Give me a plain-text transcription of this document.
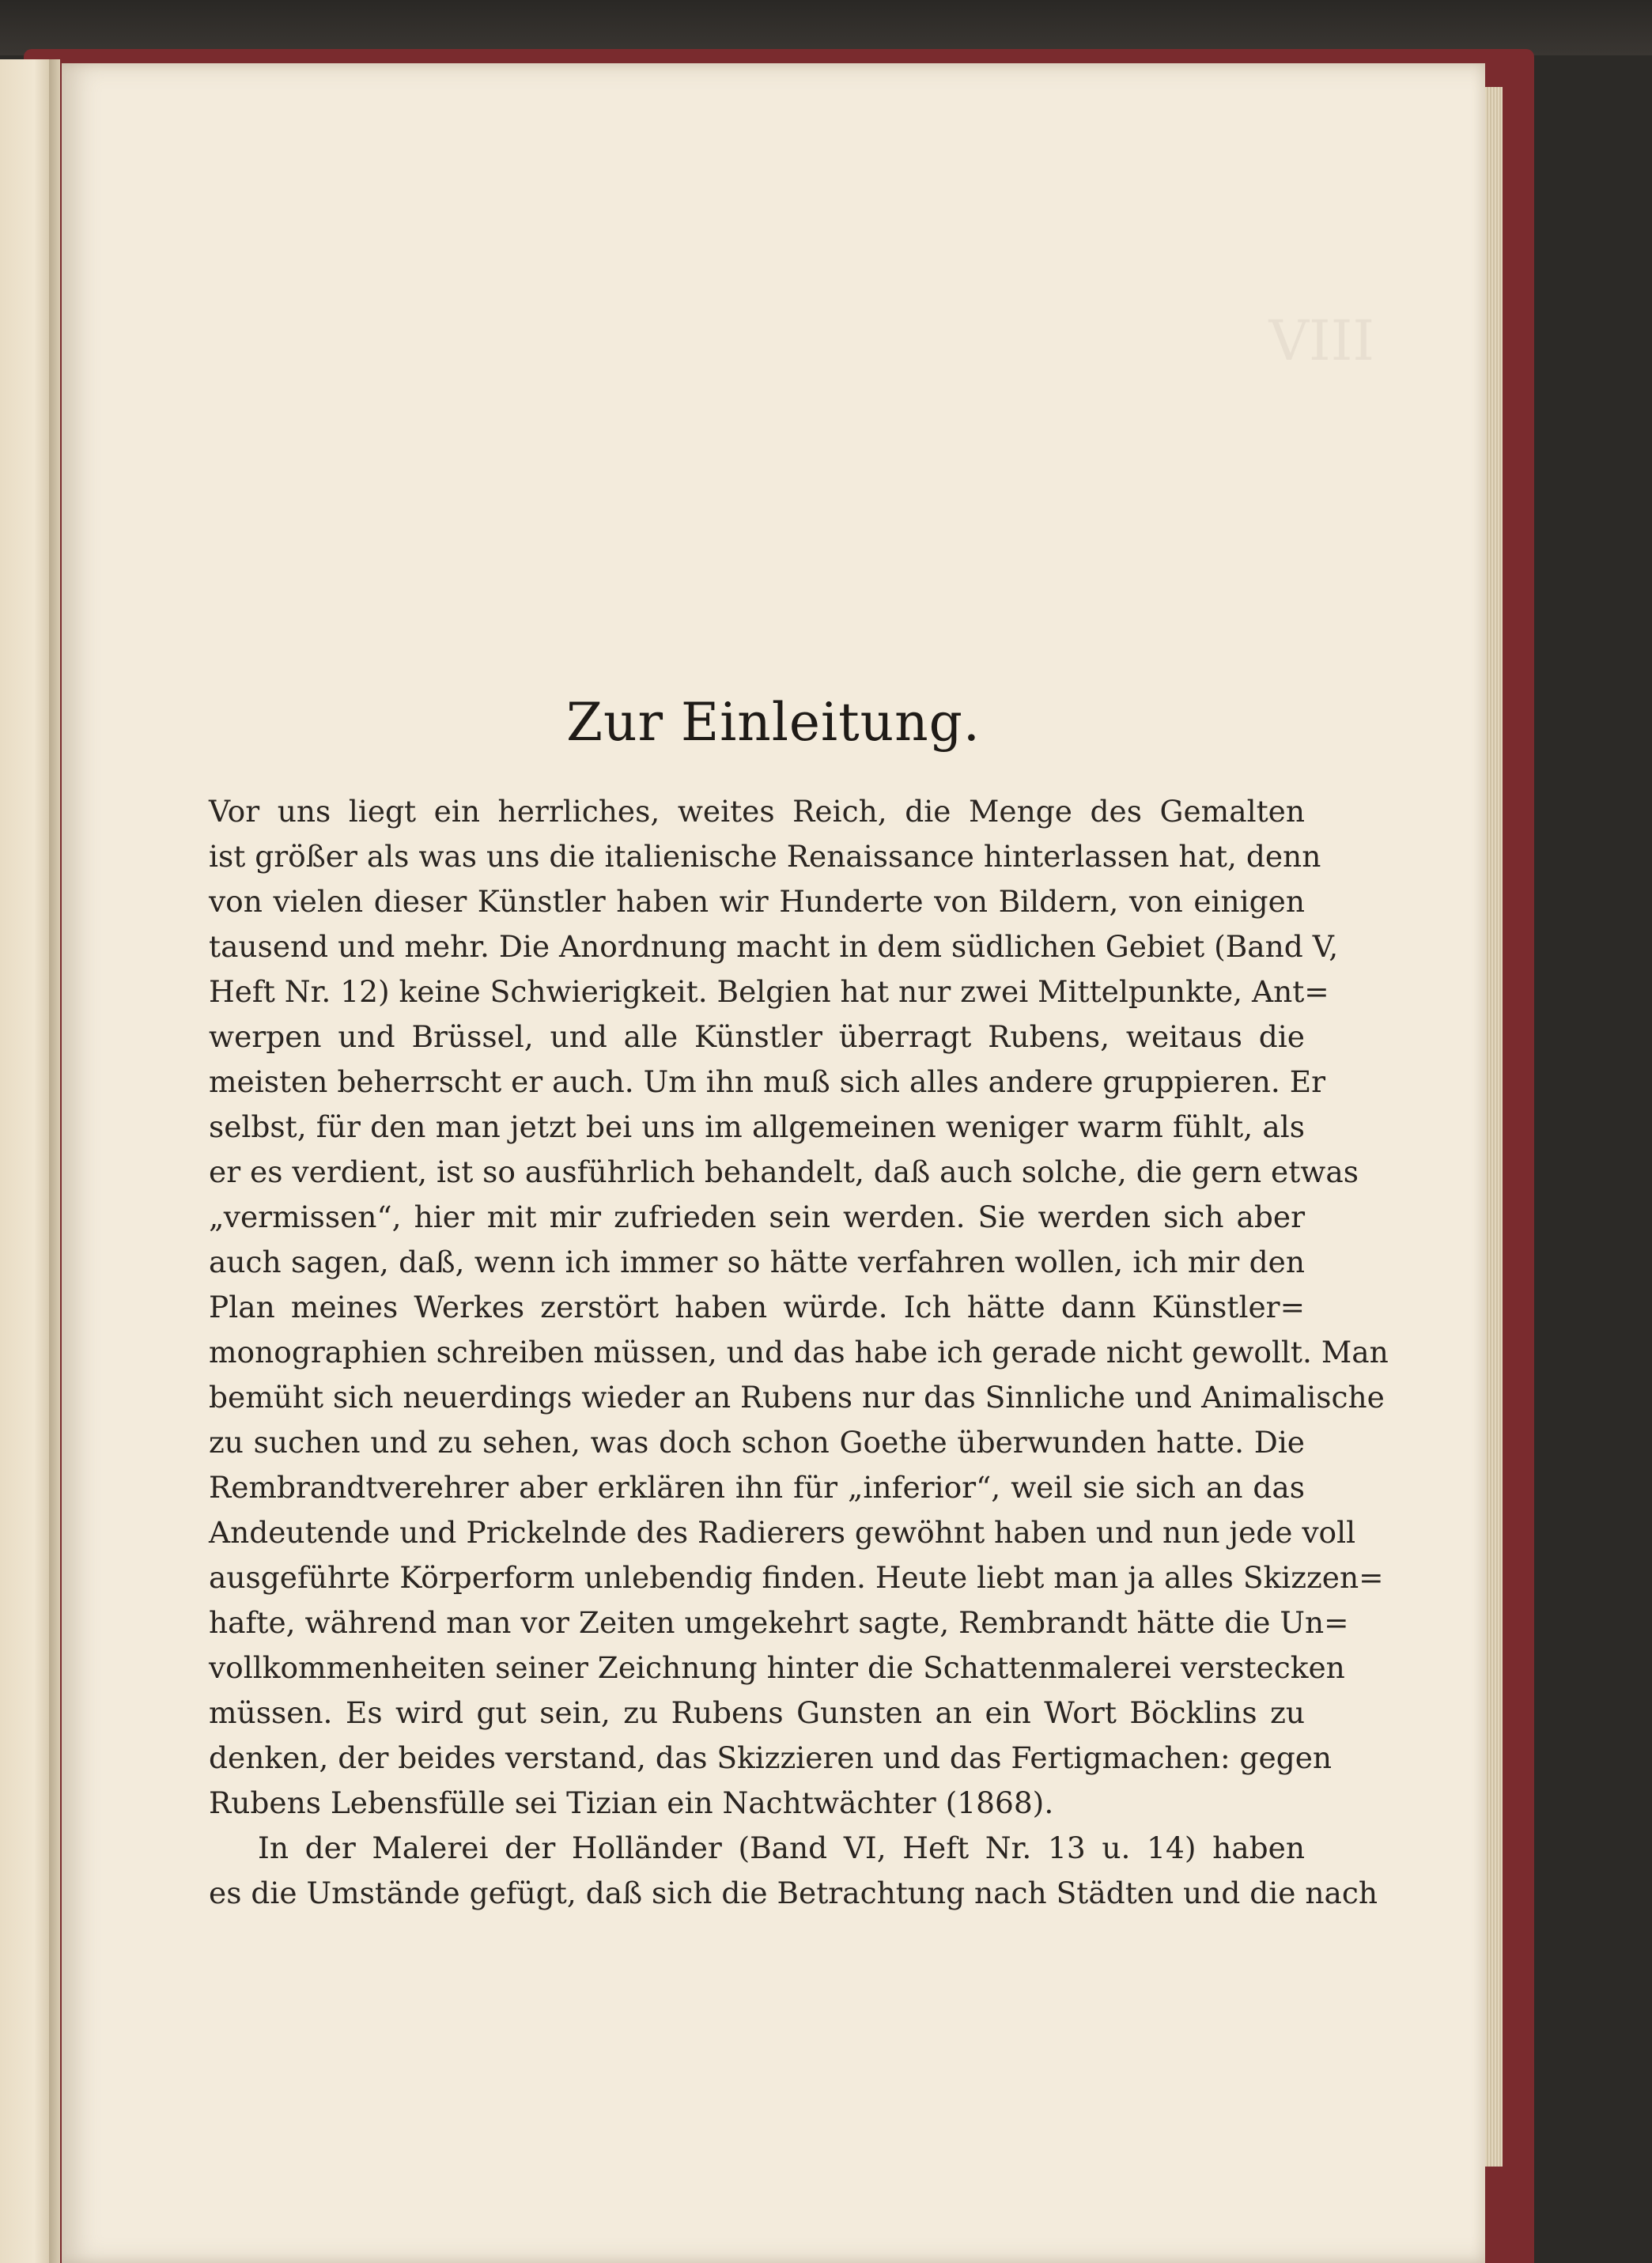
VIII
Zur Einleitung.
Vor uns liegt ein herrliches, weites Reich, die Menge des Gemalten
ist größer als was uns die italienische Renaissance hinterlassen hat, denn
von vielen dieser Künstler haben wir Hunderte von Bildern, von einigen
tausend und mehr. Die Anordnung macht in dem südlichen Gebiet (Band V,
Heft Nr. 12) keine Schwierigkeit. Belgien hat nur zwei Mittelpunkte, Ant=
werpen und Brüssel, und alle Künstler überragt Rubens, weitaus die
meisten beherrscht er auch. Um ihn muß sich alles andere gruppieren. Er
selbst, für den man jetzt bei uns im allgemeinen weniger warm fühlt, als
er es verdient, ist so ausführlich behandelt, daß auch solche, die gern etwas
„vermissen“, hier mit mir zufrieden sein werden. Sie werden sich aber
auch sagen, daß, wenn ich immer so hätte verfahren wollen, ich mir den
Plan meines Werkes zerstört haben würde. Ich hätte dann Künstler=
monographien schreiben müssen, und das habe ich gerade nicht gewollt. Man
bemüht sich neuerdings wieder an Rubens nur das Sinnliche und Animalische
zu suchen und zu sehen, was doch schon Goethe überwunden hatte. Die
Rembrandtverehrer aber erklären ihn für „inferior“, weil sie sich an das
Andeutende und Prickelnde des Radierers gewöhnt haben und nun jede voll
ausgeführte Körperform unlebendig finden. Heute liebt man ja alles Skizzen=
hafte, während man vor Zeiten umgekehrt sagte, Rembrandt hätte die Un=
vollkommenheiten seiner Zeichnung hinter die Schattenmalerei verstecken
müssen. Es wird gut sein, zu Rubens Gunsten an ein Wort Böcklins zu
denken, der beides verstand, das Skizzieren und das Fertigmachen: gegen
Rubens Lebensfülle sei Tizian ein Nachtwächter (1868).
In der Malerei der Holländer (Band VI, Heft Nr. 13 u. 14) haben
es die Umstände gefügt, daß sich die Betrachtung nach Städten und die nach
